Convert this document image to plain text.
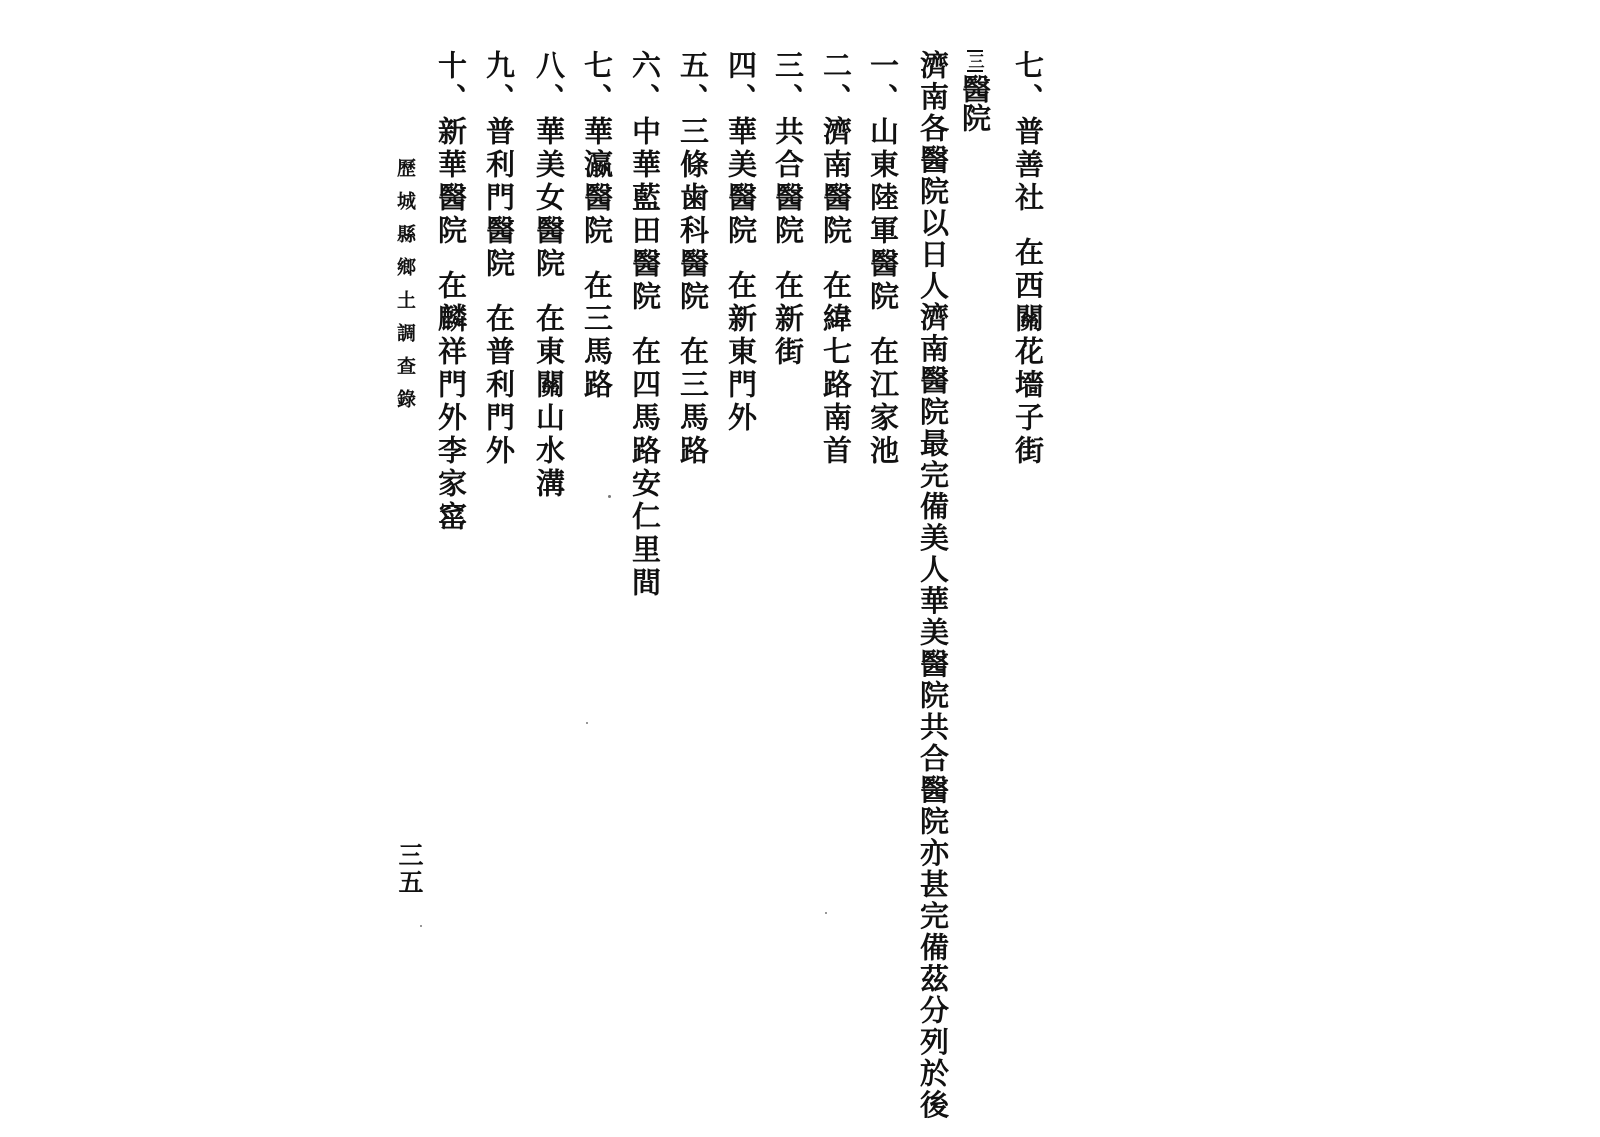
七、普善社在西關花墻子街
三醫院
濟南各醫院以日人濟南醫院最完備美人華美醫院共合醫院亦甚完備茲分列於後
一、山東陸軍醫院在江家池
二、濟南醫院在緯七路南首
三、共合醫院在新街
四、華美醫院在新東門外
五、三條歯科醫院在三馬路
六、中華藍田醫院在四馬路安仁里間
七、華瀛醫院在三馬路
八、華美女醫院在東關山水溝
九、普利門醫院在普利門外
十、新華醫院在麟祥門外李家窰
歷城縣鄉土調查錄
三五
